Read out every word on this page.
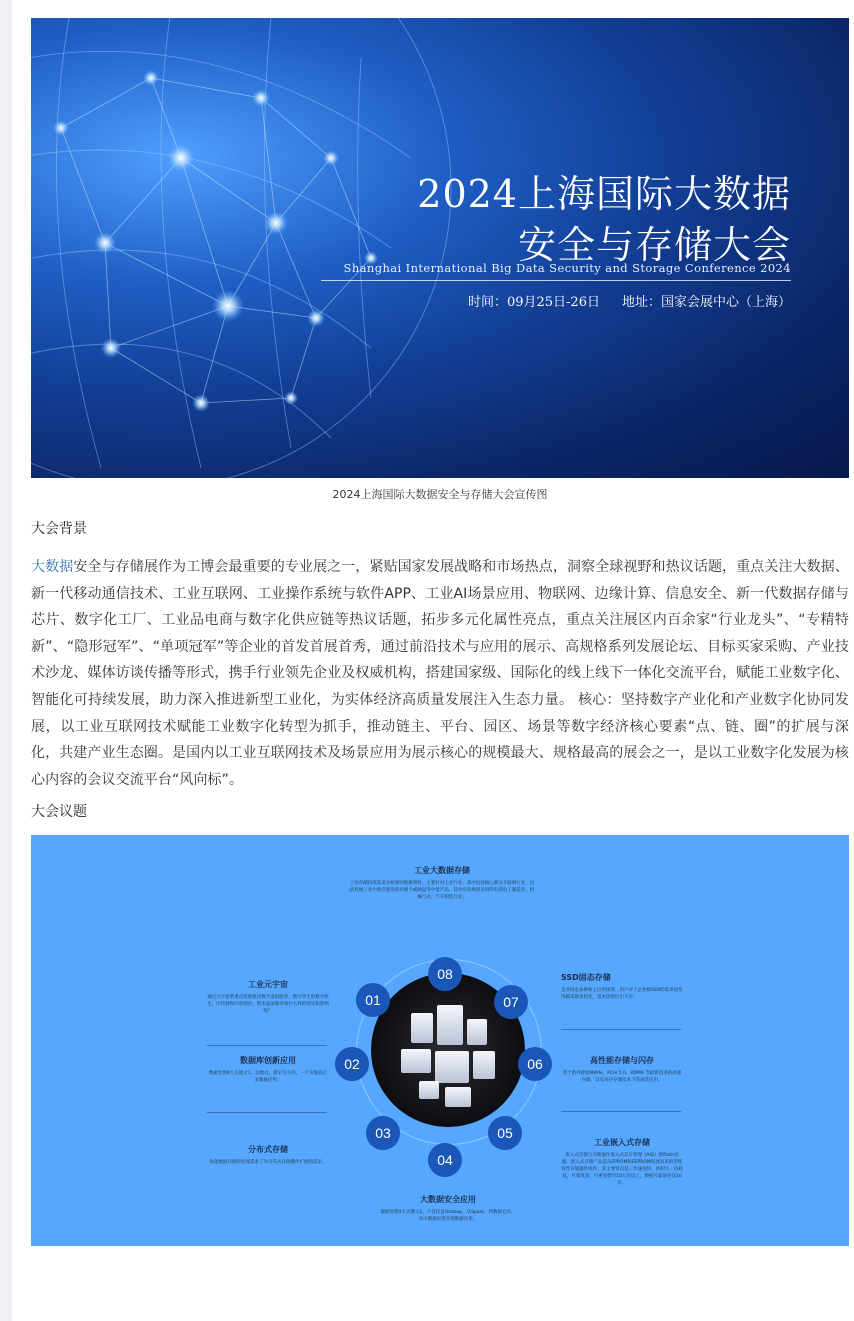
2024上海国际大数据
安全与存储大会
Shanghai International Big Data Security and Storage Conference 2024
时间：09月25日-26日 地址：国家会展中心（上海）
2024上海国际大数据安全与存储大会宣传图
大会背景

大数据安全与存储展作为工博会最重要的专业展之一，紧贴国家发展战略和市场热点，洞察全球视野和热议话题，重点关注大数据、新一代移动通信技术、工业互联网、工业操作系统与软件APP、工业AI场景应用、物联网、边缘计算、信息安全、新一代数据存储与芯片、数字化工厂、工业品电商与数字化供应链等热议话题，拓步多元化属性亮点，重点关注展区内百余家“行业龙头”、“专精特新”、“隐形冠军”、“单项冠军”等企业的首发首展首秀，通过前沿技术与应用的展示、高规格系列发展论坛、目标买家采购、产业技术沙龙、媒体访谈传播等形式，携手行业领先企业及权威机构，搭建国家级、国际化的线上线下一体化交流平台，赋能工业数字化、智能化可持续发展，助力深入推进新型工业化，为实体经济高质量发展注入生态力量。 核心：坚持数字产业化和产业数字化协同发展，以工业互联网技术赋能工业数字化转型为抓手，推动链主、平台、园区、场景等数字经济核心要素“点、链、圈”的扩展与深化，共建产业生态圈。是国内以工业互联网技术及场景应用为展示核心的规模最大、规格最高的展会之一，是以工业数字化发展为核心内容的会议交流平台“风向标”。

大会议题
工业大数据存储
工业存储持续需求分析细则数据事件，主要针对工业行业，其中包括核心部分互联网行业，包括机械工业中重点使用的存储卡或硬盘等中低产品，其中应用场景采用的有嵌电子制造业，机械行业，汽车制造行业。
工业元宇宙
通过元宇宙的重点发展推动数字虚拟服务，数字孪生和数字原生，区块链和内容创作，带来虚拟服务场什么样的现实和算例呢？
数据库创新应用
数据处理4大关键之1，以数仓，最早为方向，一个实现真正多数据应用。
分布式存储
海量数据存储和处理需求了对分布式存储操作扩展的需求。
SSD固态存储
是对固态多种和主应用场景，用户对于企业级SSD的需求也变得越来越多样化，技术创新层出不穷。
高性能存储与闪存
基于新外接收NVMe、PCIe 5.0、RDMA 等最新技术的高速存储，以及闪存存储技术下的场景应用。
工业嵌入式存储
嵌入式存储与存储器件嵌入式芯片管理（AIG）的flash存储，嵌入式存储产品是从EPROM和EEPROM发展而来的非挥发性存储器件组件，其主要特点是工作速度快，体积小，功耗低，可靠度高，可重复擦写10万次以上，数据可靠保存达10年。
大数据安全应用
数据处理4大关键之2，不仅仅是Hadoop、从Spark、到数据仓库，每大数据应用实现数据应用。
08
07
06
05
04
03
02
01
